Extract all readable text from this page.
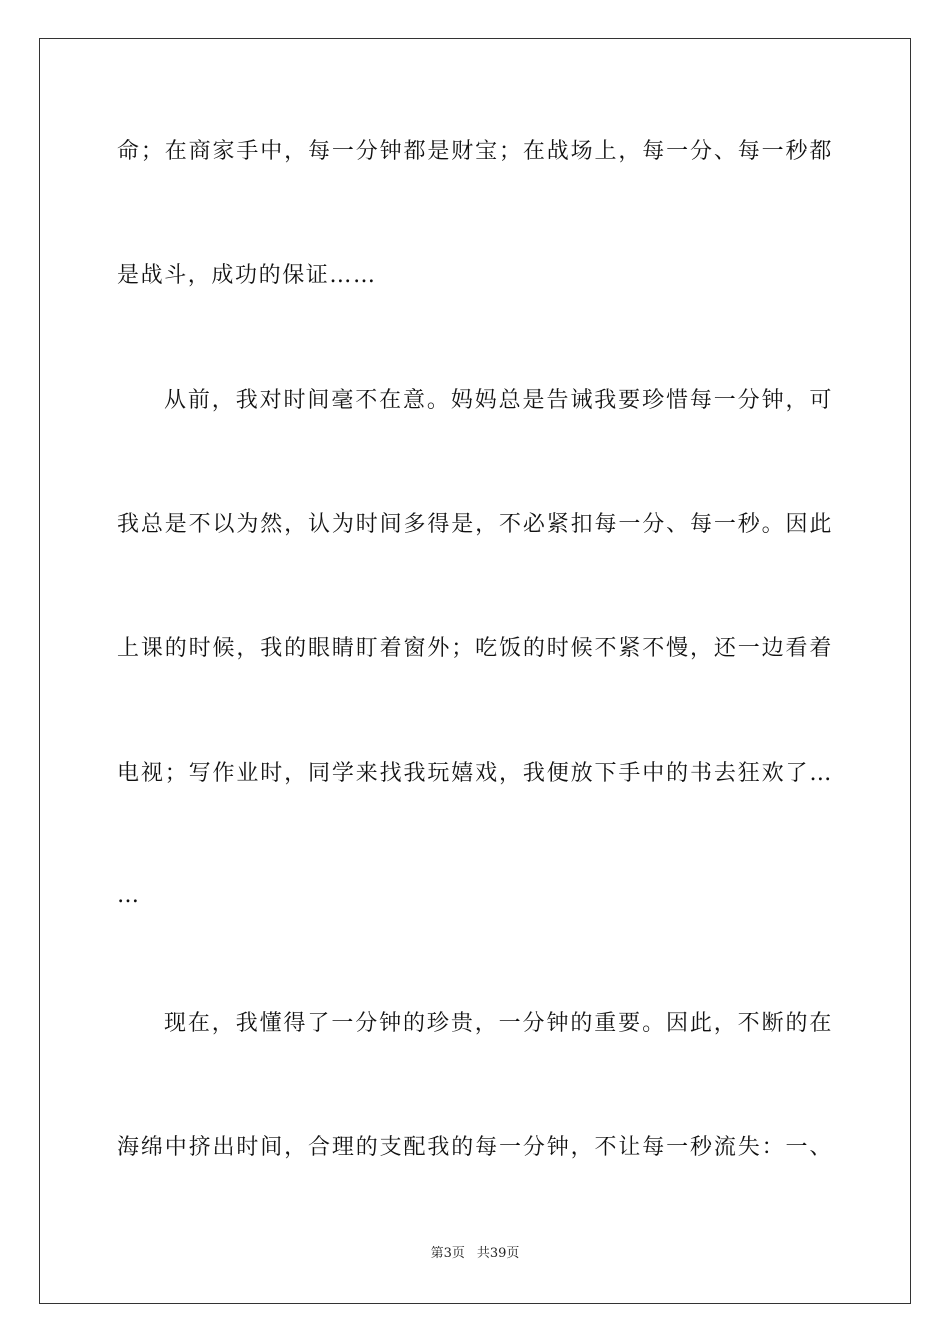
命；在商家手中，每一分钟都是财宝；在战场上，每一分、每一秒都
是战斗，成功的保证……
从前，我对时间毫不在意。妈妈总是告诫我要珍惜每一分钟，可
我总是不以为然，认为时间多得是，不必紧扣每一分、每一秒。因此
上课的时候，我的眼睛盯着窗外；吃饭的时候不紧不慢，还一边看着
电视；写作业时，同学来找我玩嬉戏，我便放下手中的书去狂欢了…
…
现在，我懂得了一分钟的珍贵，一分钟的重要。因此，不断的在
海绵中挤出时间，合理的支配我的每一分钟，不让每一秒流失：一、
第3页 共39页
